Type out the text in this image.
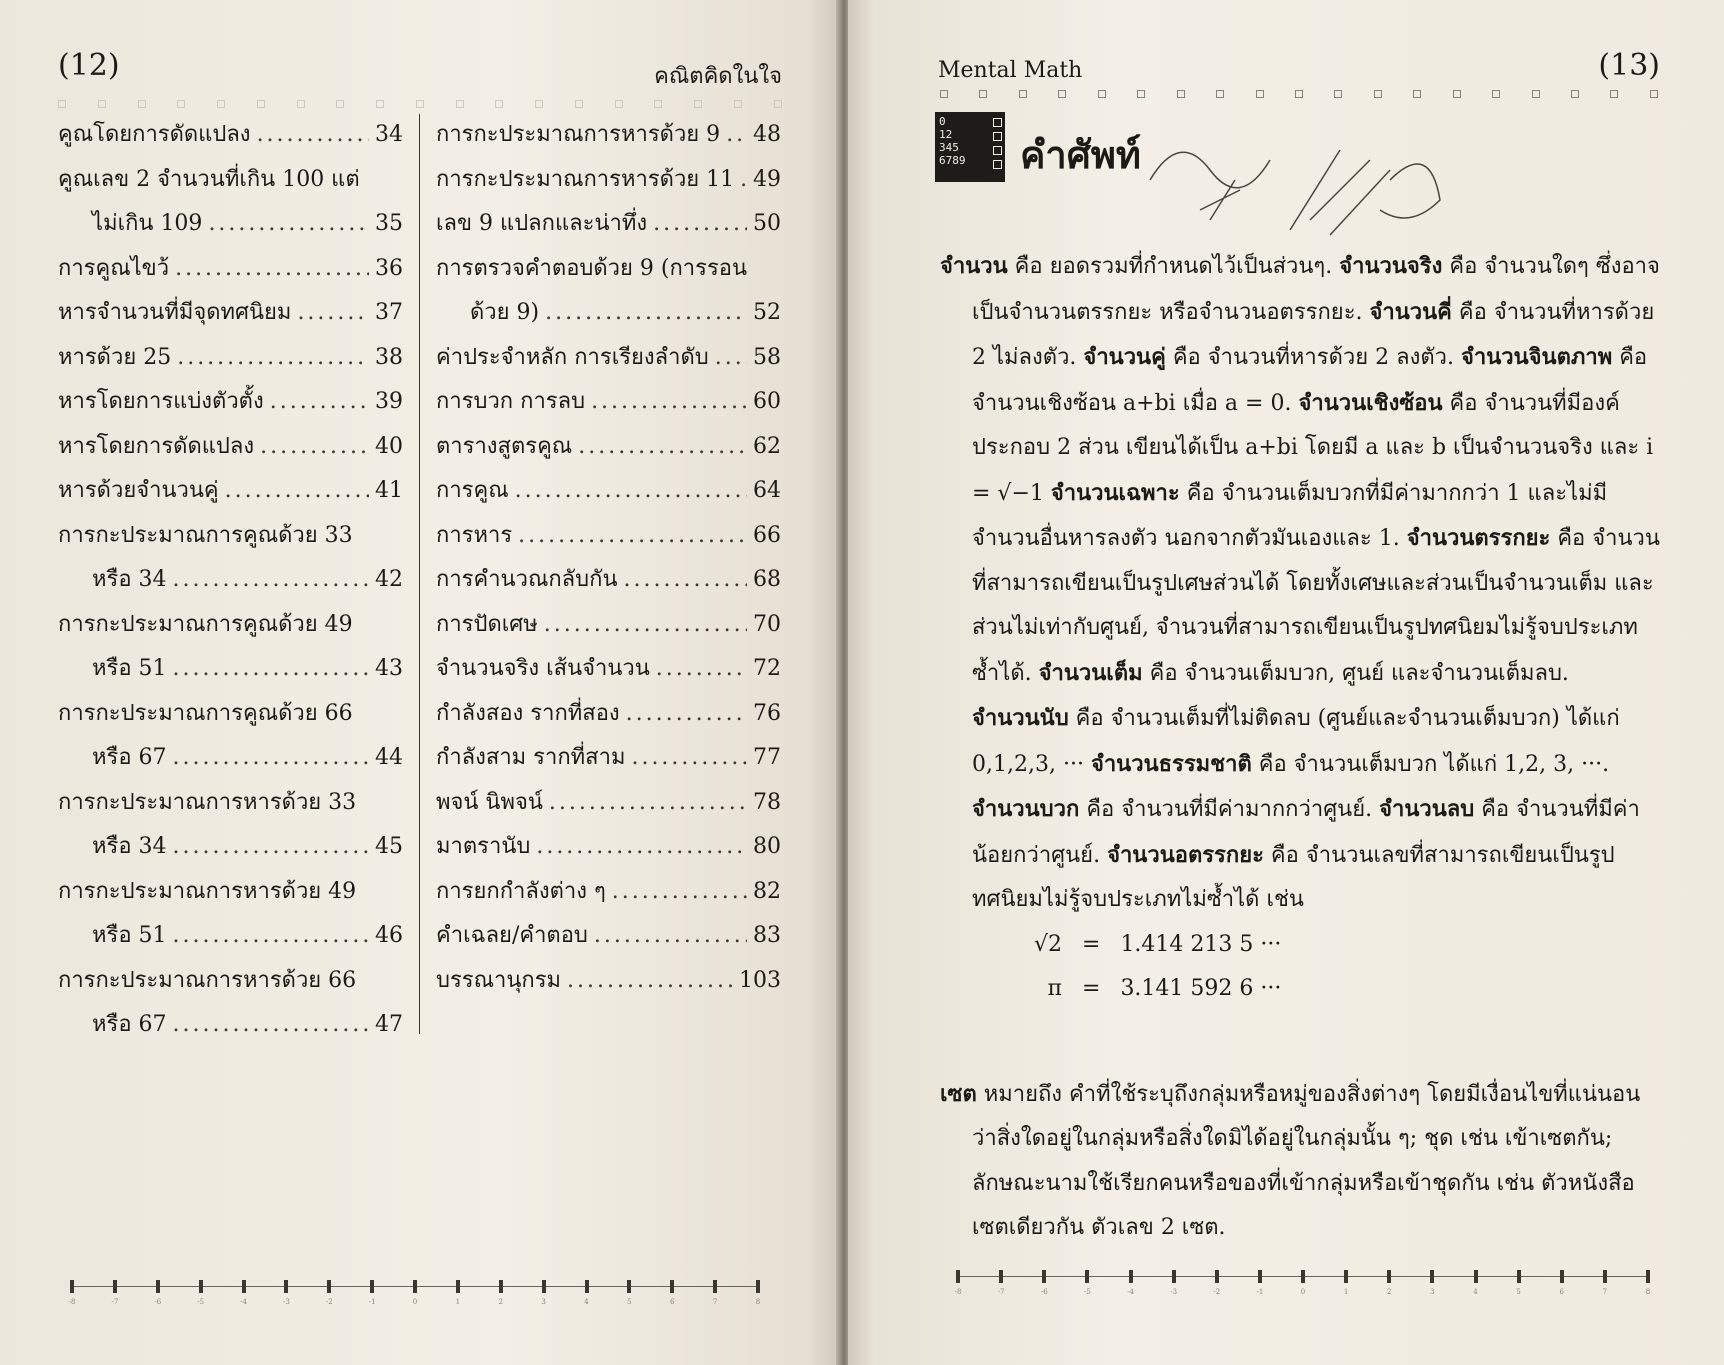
(12)	คณิตคิดในใจ
คูณโดยการดัดแปลง .....	34
คูณเลข 2 จำนวนที่เกิน 100 แต่
ไม่เกิน 109 .....	35
การคูณไขว้ .....	36
หารจำนวนที่มีจุดทศนิยม .....	37
หารด้วย 25 .....	38
หารโดยการแบ่งตัวตั้ง .....	39
หารโดยการดัดแปลง .....	40
หารด้วยจำนวนคู่ .....	41
การกะประมาณการคูณด้วย 33
หรือ 34 .....	42
การกะประมาณการคูณด้วย 49
หรือ 51 .....	43
การกะประมาณการคูณด้วย 66
หรือ 67 .....	44
การกะประมาณการหารด้วย 33
หรือ 34 .....	45
การกะประมาณการหารด้วย 49
หรือ 51 .....	46
การกะประมาณการหารด้วย 66
หรือ 67 .....	47
การกะประมาณการหารด้วย 9 ..... 48
การกะประมาณการหารด้วย 11 ..... 49
เลข 9 แปลกและน่าทึ่ง .....	50
การตรวจคำตอบด้วย 9 (การรอน
ด้วย 9) .....	52
ค่าประจำหลัก การเรียงลำดับ ..... 58
การบวก การลบ .....	60
ตารางสูตรคูณ .....	62
การคูณ .....	64
การหาร .....	66
การคำนวณกลับกัน .....	68
การปัดเศษ .....	70
จำนวนจริง เส้นจำนวน .....	72
กำลังสอง รากที่สอง .....	76
กำลังสาม รากที่สาม .....	77
พจน์ นิพจน์ .....	78
มาตรานับ .....	80
การยกกำลังต่าง ๆ .....	82
คำเฉลย/คำตอบ .....	83
บรรณานุกรม .....	103
-8	-7	-6	-5	-4	-3	-2	-1	0	1	2	3	4	5	6	7	8
Mental Math	(13)
-8	-7	-6	-5	-4	-3	-2	-1	0	1	2	3	4	5	6	7	8
0
12
345
6789	คำศัพท์

จำนวน คือ ยอดรวมที่กำหนดไว้เป็นส่วนๆ. จำนวนจริง คือ จำนวนใดๆ ซึ่งอาจเป็นจำนวนตรรกยะ หรือจำนวนอตรรกยะ. จำนวนคี่ คือ จำนวนที่หารด้วย 2 ไม่ลงตัว. จำนวนคู่ คือ จำนวนที่หารด้วย 2 ลงตัว. จำนวนจินตภาพ คือ จำนวนเชิงซ้อน a+bi เมื่อ a = 0. จำนวนเชิงซ้อน คือ จำนวนที่มีองค์ประกอบ 2 ส่วน เขียนได้เป็น a+bi โดยมี a และ b เป็นจำนวนจริง และ i = √−1 จำนวนเฉพาะ คือ จำนวนเต็มบวกที่มีค่ามากกว่า 1 และไม่มีจำนวนอื่นหารลงตัว นอกจากตัวมันเองและ 1. จำนวนตรรกยะ คือ จำนวนที่สามารถเขียนเป็นรูปเศษส่วนได้ โดยทั้งเศษและส่วนเป็นจำนวนเต็ม และส่วนไม่เท่ากับศูนย์, จำนวนที่สามารถเขียนเป็นรูปทศนิยมไม่รู้จบประเภทซ้ำได้. จำนวนเต็ม คือ จำนวนเต็มบวก, ศูนย์ และจำนวนเต็มลบ. จำนวนนับ คือ จำนวนเต็มที่ไม่ติดลบ (ศูนย์และจำนวนเต็มบวก) ได้แก่ 0,1,2,3, ··· จำนวนธรรมชาติ คือ จำนวนเต็มบวก ได้แก่ 1,2, 3, ···. จำนวนบวก คือ จำนวนที่มีค่ามากกว่าศูนย์. จำนวนลบ คือ จำนวนที่มีค่าน้อยกว่าศูนย์. จำนวนอตรรกยะ คือ จำนวนเลขที่สามารถเขียนเป็นรูปทศนิยมไม่รู้จบประเภทไม่ซ้ำได้ เช่น

√2 = 1.414 213 5 ···
π = 3.141 592 6 ···

เซต หมายถึง คำที่ใช้ระบุถึงกลุ่มหรือหมู่ของสิ่งต่างๆ โดยมีเงื่อนไขที่แน่นอนว่าสิ่งใดอยู่ในกลุ่มหรือสิ่งใดมิได้อยู่ในกลุ่มนั้น ๆ; ชุด เช่น เข้าเซตกัน; ลักษณะนามใช้เรียกคนหรือของที่เข้ากลุ่มหรือเข้าชุดกัน เช่น ตัวหนังสือเซตเดียวกัน ตัวเลข 2 เซต.
